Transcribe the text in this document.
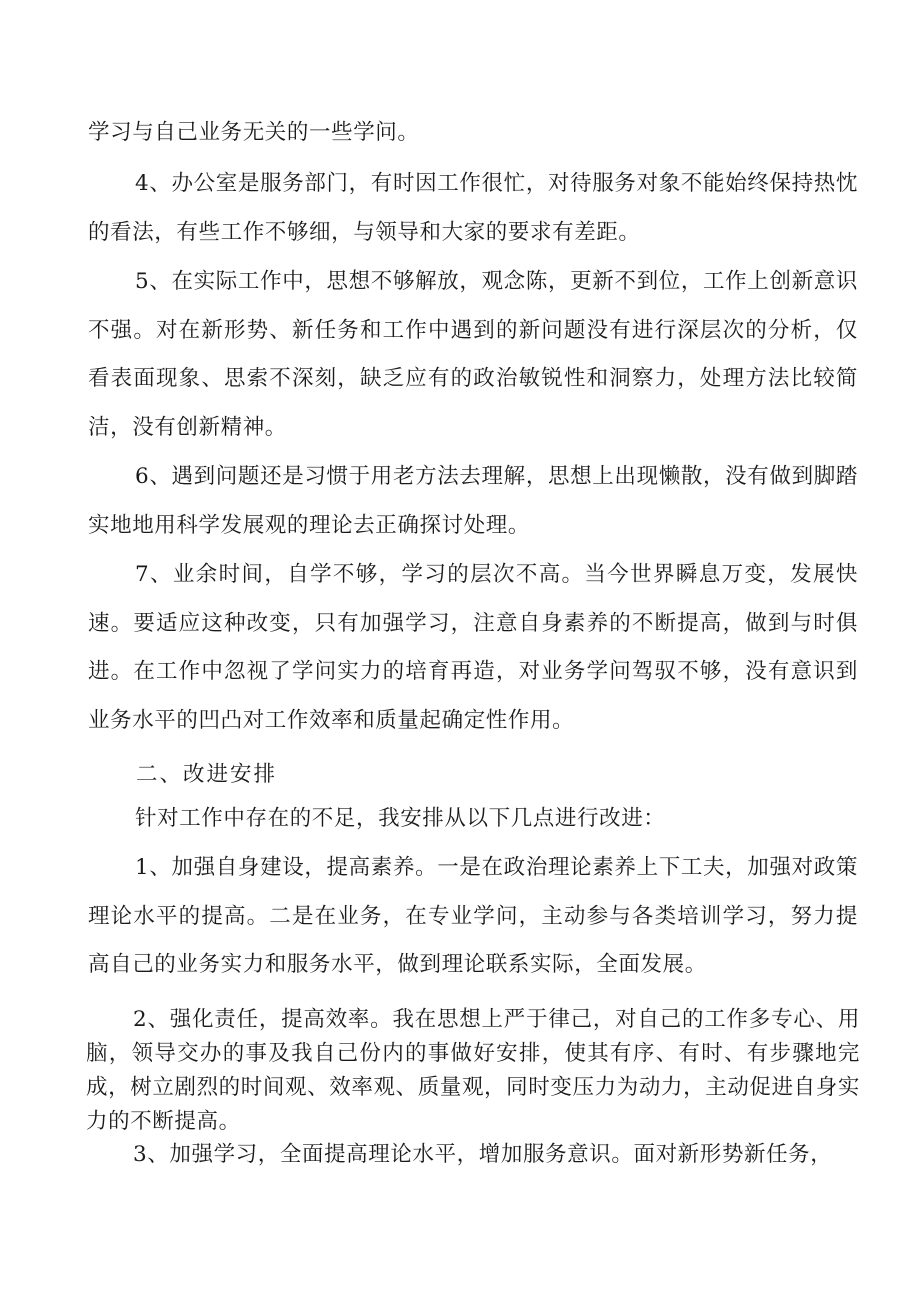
学习与自己业务无关的一些学问。

4、办公室是服务部门，有时因工作很忙，对待服务对象不能始终保持热忱的看法，有些工作不够细，与领导和大家的要求有差距。

5、在实际工作中，思想不够解放，观念陈，更新不到位，工作上创新意识不强。对在新形势、新任务和工作中遇到的新问题没有进行深层次的分析，仅看表面现象、思索不深刻，缺乏应有的政治敏锐性和洞察力，处理方法比较简洁，没有创新精神。

6、遇到问题还是习惯于用老方法去理解，思想上出现懒散，没有做到脚踏实地地用科学发展观的理论去正确探讨处理。

7、业余时间，自学不够，学习的层次不高。当今世界瞬息万变，发展快速。要适应这种改变，只有加强学习，注意自身素养的不断提高，做到与时俱进。在工作中忽视了学问实力的培育再造，对业务学问驾驭不够，没有意识到业务水平的凹凸对工作效率和质量起确定性作用。

二、改进安排

针对工作中存在的不足，我安排从以下几点进行改进：

1、加强自身建设，提高素养。一是在政治理论素养上下工夫，加强对政策理论水平的提高。二是在业务，在专业学问，主动参与各类培训学习，努力提高自己的业务实力和服务水平，做到理论联系实际，全面发展。

2、强化责任，提高效率。我在思想上严于律己，对自己的工作多专心、用脑，领导交办的事及我自己份内的事做好安排，使其有序、有时、有步骤地完成，树立剧烈的时间观、效率观、质量观，同时变压力为动力，主动促进自身实力的不断提高。

3、加强学习，全面提高理论水平，增加服务意识。面对新形势新任务，
